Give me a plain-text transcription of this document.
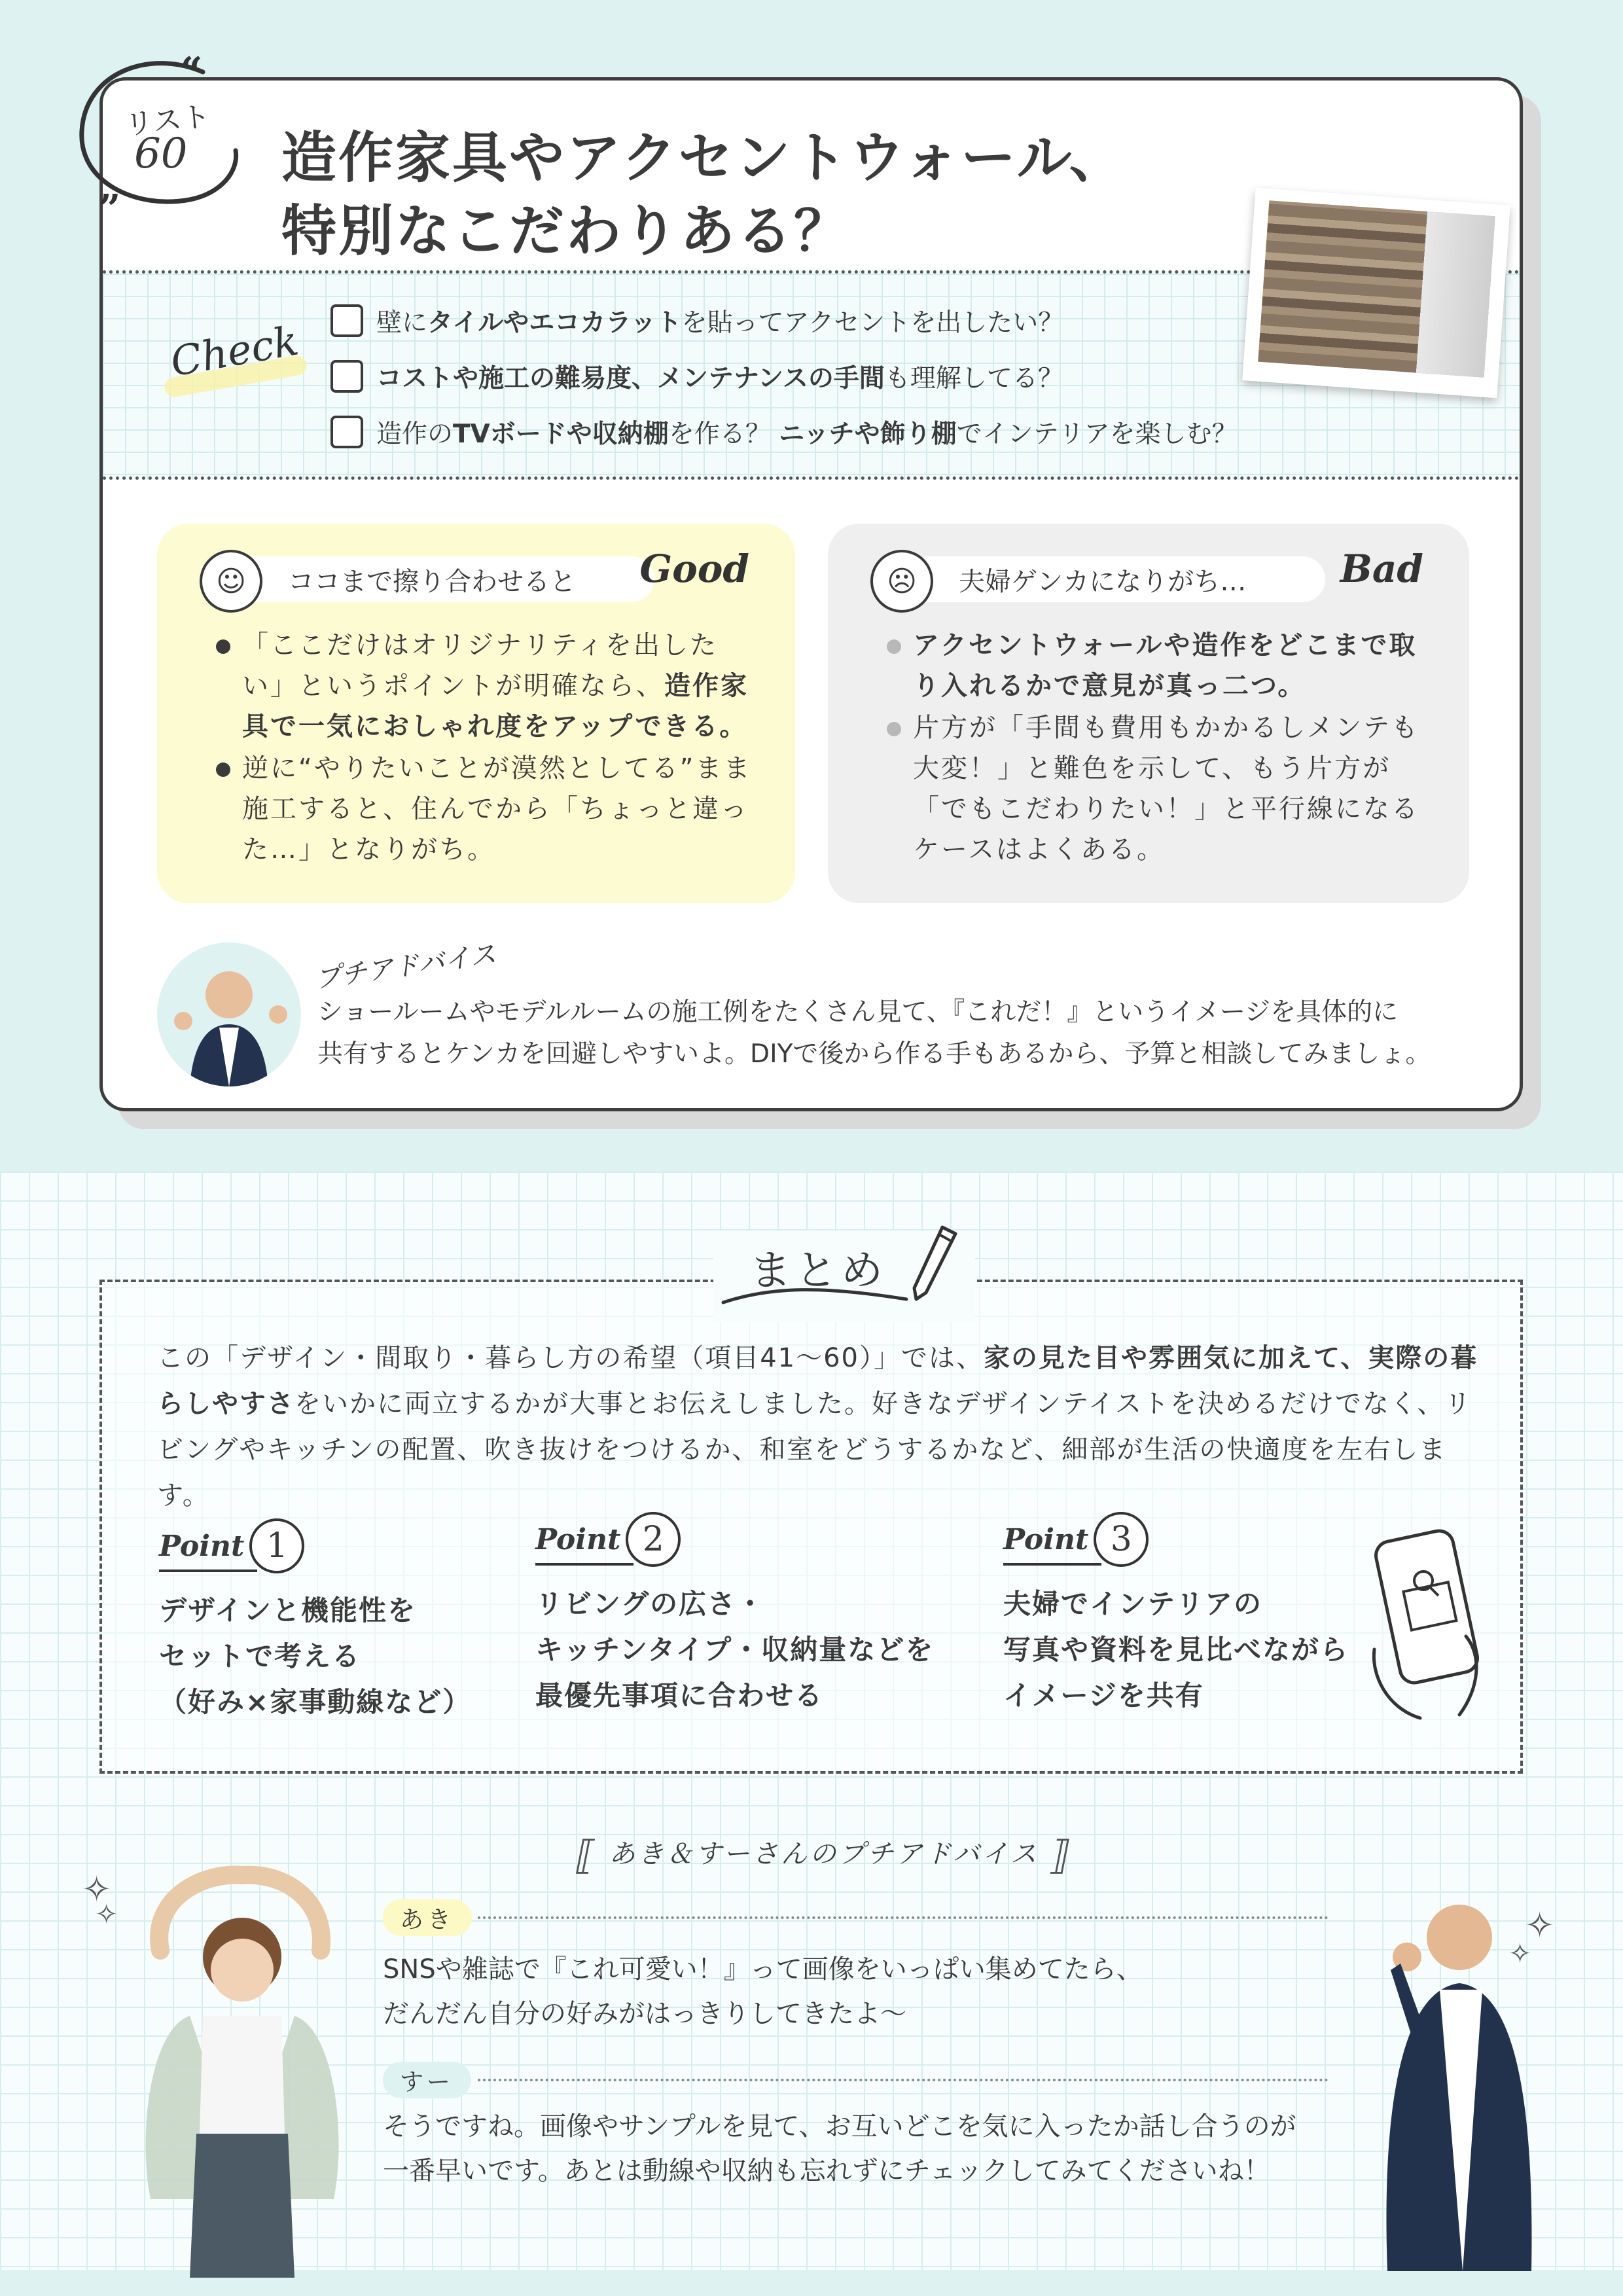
“
”
リスト
60 造作家具やアクセントウォール、
特別なこだわりある？
Check	壁に タイルやエコカラット を貼ってアクセントを出したい？
コストや施工の難易度、メンテナンスの手間 も理解してる？
造作の TVボードや収納棚 を作る？ ニッチや飾り棚 でインテリアを楽しむ？
ココまで擦り合わせると
☺	Good
「ここだけはオリジナリティを出したい」というポイントが明確なら、造作家具で一気におしゃれ度をアップできる。
逆に“やりたいことが漠然としてる”まま施工すると、住んでから「ちょっと違った…」となりがち。
夫婦ゲンカになりがち…
☹	Bad
アクセントウォールや造作をどこまで取り入れるかで意見が真っ二つ。
片方が「手間も費用もかかるしメンテも大変！」と難色を示して、もう片方が「でもこだわりたい！」と平行線になるケースはよくある。
プチアドバイス
ショールームやモデルルームの施工例をたくさん見て、『これだ！』というイメージを具体的に
共有するとケンカを回避しやすいよ。DIYで後から作る手もあるから、予算と相談してみましょ。
まとめ
この「デザイン・間取り・暮らし方の希望（項目41〜60）」では、家の見た目や雰囲気に加えて、実際の暮らしやすさをいかに両立するかが大事とお伝えしました。好きなデザインテイストを決めるだけでなく、リビングやキッチンの配置、吹き抜けをつけるか、和室をどうするかなど、細部が生活の快適度を左右します。
Point 1
デザインと機能性を
セットで考える
（好み×家事動線など）
Point 2
リビングの広さ・
キッチンタイプ・収納量などを
最優先事項に合わせる
Point 3
夫婦でインテリアの
写真や資料を見比べながら
イメージを共有
⟦ あき＆すーさんのプチアドバイス ⟧
あき
SNSや雑誌で『これ可愛い！』って画像をいっぱい集めてたら、
だんだん自分の好みがはっきりしてきたよ〜
すー
そうですね。画像やサンプルを見て、お互いどこを気に入ったか話し合うのが
一番早いです。あとは動線や収納も忘れずにチェックしてみてくださいね！
✧
✧	✧
✧
